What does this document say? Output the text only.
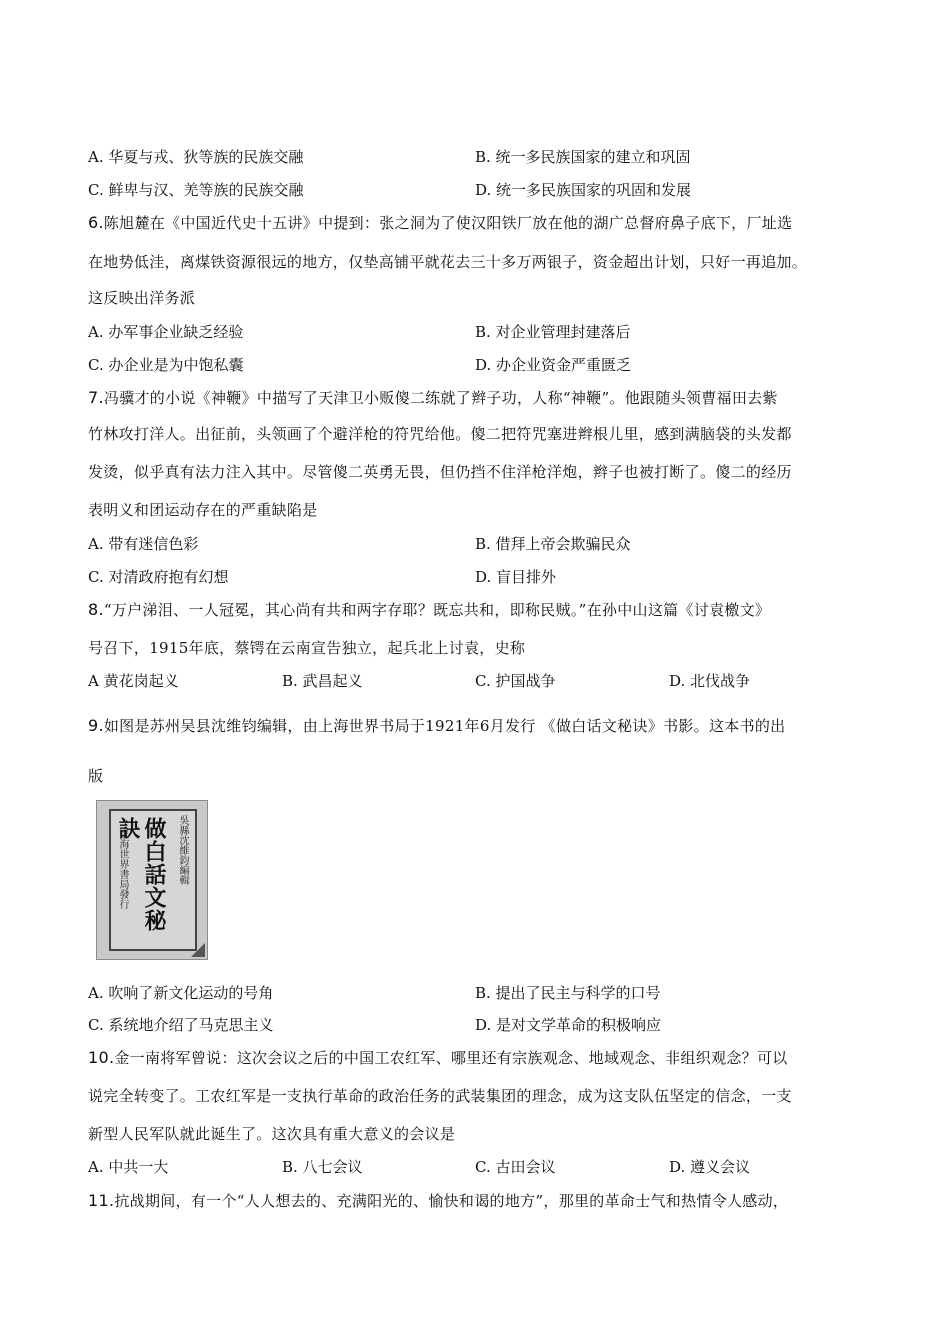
A. 华夏与戎、狄等族的民族交融	B. 统一多民族国家的建立和巩固
C. 鲜卑与汉、羌等族的民族交融	D. 统一多民族国家的巩固和发展
6.陈旭麓在《中国近代史十五讲》中提到：张之洞为了使汉阳铁厂放在他的湖广总督府鼻子底下，厂址选
在地势低洼，离煤铁资源很远的地方，仅垫高铺平就花去三十多万两银子，资金超出计划，只好一再追加。
这反映出洋务派
A. 办军事企业缺乏经验	B. 对企业管理封建落后
C. 办企业是为中饱私囊	D. 办企业资金严重匮乏
7.冯骥才的小说《神鞭》中描写了天津卫小贩傻二练就了辫子功，人称“神鞭”。他跟随头领曹福田去紫
竹林攻打洋人。出征前，头领画了个避洋枪的符咒给他。傻二把符咒塞进辫根儿里，感到满脑袋的头发都
发烫，似乎真有法力注入其中。尽管傻二英勇无畏，但仍挡不住洋枪洋炮，辫子也被打断了。傻二的经历
表明义和团运动存在的严重缺陷是
A. 带有迷信色彩	B. 借拜上帝会欺骗民众
C. 对清政府抱有幻想	D. 盲目排外
8.“万户涕泪、一人冠冕，其心尚有共和两字存耶？既忘共和，即称民贼。”在孙中山这篇《讨袁檄文》
号召下，1915年底，蔡锷在云南宣告独立，起兵北上讨袁，史称
A 黄花岗起义	B. 武昌起义	C. 护国战争	D. 北伐战争
9.如图是苏州吴县沈维钧编辑，由上海世界书局于1921年6月发行 《做白话文秘诀》书影。这本书的出
版
上海世界書局發行 做白話文秘訣	吳縣沈維鈞編輯
A. 吹响了新文化运动的号角	B. 提出了民主与科学的口号
C. 系统地介绍了马克思主义	D. 是对文学革命的积极响应
10.金一南将军曾说：这次会议之后的中国工农红军、哪里还有宗族观念、地域观念、非组织观念？可以
说完全转变了。工农红军是一支执行革命的政治任务的武装集团的理念，成为这支队伍坚定的信念，一支
新型人民军队就此诞生了。这次具有重大意义的会议是
A. 中共一大	B. 八七会议	C. 古田会议	D. 遵义会议
11.抗战期间，有一个“人人想去的、充满阳光的、愉快和谒的地方”，那里的革命士气和热情令人感动，
